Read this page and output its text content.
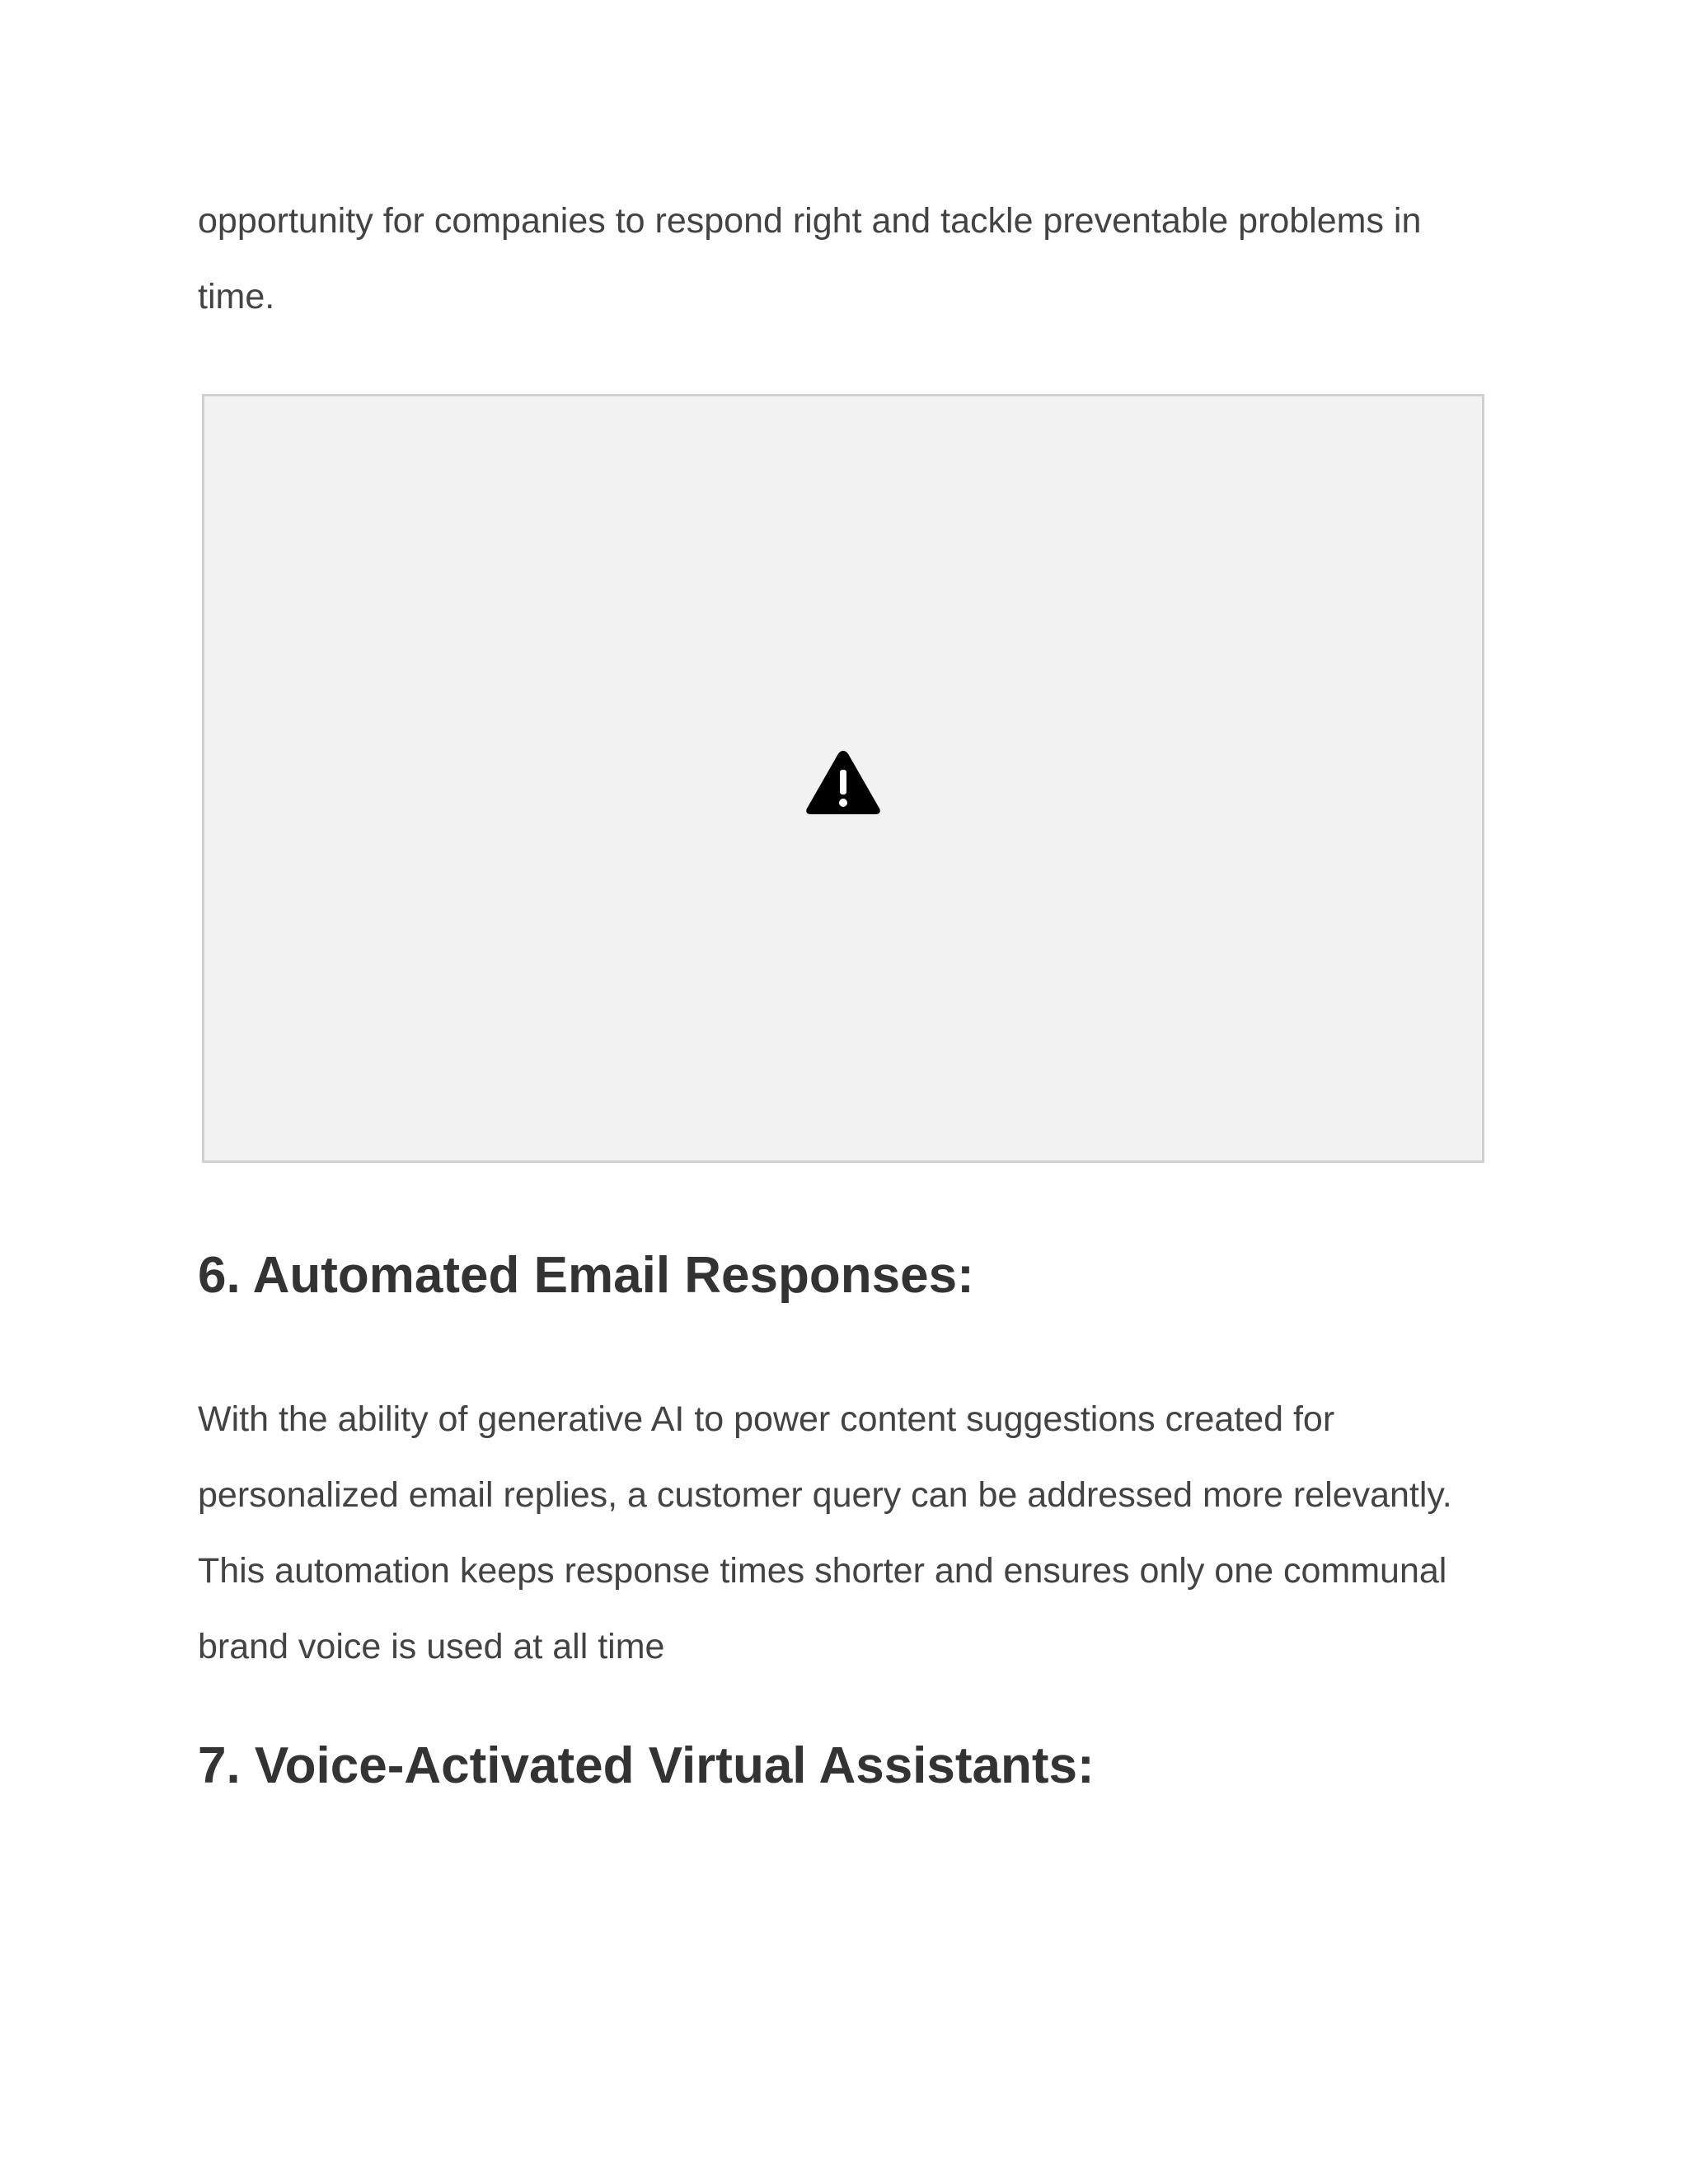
opportunity for companies to respond right and tackle preventable problems in time.

6. Automated Email Responses:

With the ability of generative AI to power content suggestions created for personalized email replies, a customer query can be addressed more relevantly. This automation keeps response times shorter and ensures only one communal brand voice is used at all time

7. Voice-Activated Virtual Assistants:
